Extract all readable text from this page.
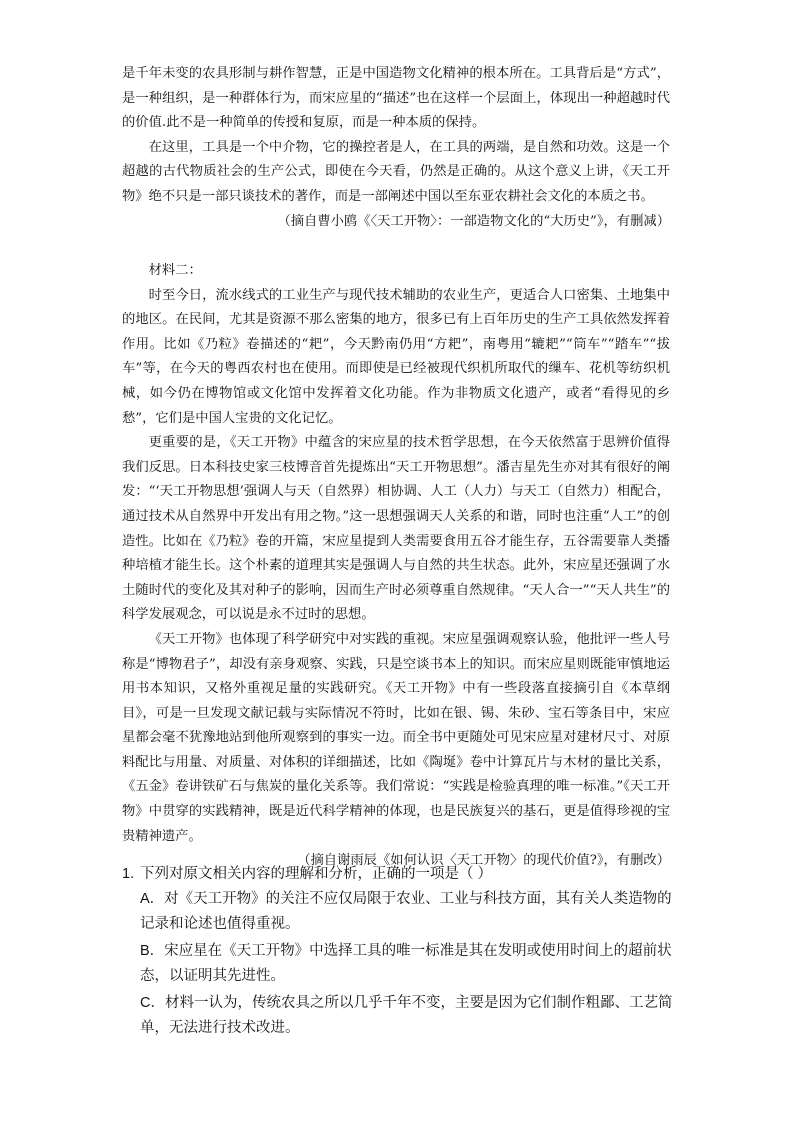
是千年未变的农具形制与耕作智慧，正是中国造物文化精神的根本所在。工具背后是“方式”，是一种组织，是一种群体行为，而宋应星的“描述”也在这样一个层面上，体现出一种超越时代的价值.此不是一种简单的传授和复原，而是一种本质的保持。

在这里，工具是一个中介物，它的操控者是人，在工具的两端，是自然和功效。这是一个超越的古代物质社会的生产公式，即使在今天看，仍然是正确的。从这个意义上讲，《天工开物》绝不只是一部只谈技术的著作，而是一部阐述中国以至东亚农耕社会文化的本质之书。

（摘自曹小鸥《〈天工开物〉：一部造物文化的“大历史”》，有删减）

材料二：

时至今日，流水线式的工业生产与现代技术辅助的农业生产，更适合人口密集、土地集中的地区。在民间，尤其是资源不那么密集的地方，很多已有上百年历史的生产工具依然发挥着作用。比如《乃粒》卷描述的“耙”，今天黔南仍用“方耙”，南粤用“辘耙”“筒车”“踏车”“拔车”等，在今天的粤西农村也在使用。而即使是已经被现代织机所取代的缫车、花机等纺织机械，如今仍在博物馆或文化馆中发挥着文化功能。作为非物质文化遗产，或者“看得见的乡愁”，它们是中国人宝贵的文化记忆。

更重要的是，《天工开物》中蕴含的宋应星的技术哲学思想，在今天依然富于思辨价值得我们反思。日本科技史家三枝博音首先提炼出“天工开物思想”。潘吉星先生亦对其有很好的阐发：“‘天工开物思想’强调人与天（自然界）相协调、人工（人力）与天工（自然力）相配合，通过技术从自然界中开发出有用之物。”这一思想强调天人关系的和谐，同时也注重“人工”的创造性。比如在《乃粒》卷的开篇，宋应星提到人类需要食用五谷才能生存，五谷需要靠人类播种培植才能生长。这个朴素的道理其实是强调人与自然的共生状态。此外，宋应星还强调了水土随时代的变化及其对种子的影响，因而生产时必须尊重自然规律。“天人合一”“天人共生”的科学发展观念，可以说是永不过时的思想。

《天工开物》也体现了科学研究中对实践的重视。宋应星强调观察认验，他批评一些人号称是“博物君子”，却没有亲身观察、实践，只是空谈书本上的知识。而宋应星则既能审慎地运用书本知识，又格外重视足量的实践研究。《天工开物》中有一些段落直接摘引自《本草纲目》，可是一旦发现文献记载与实际情况不符时，比如在银、锡、朱砂、宝石等条目中，宋应星都会毫不犹豫地站到他所观察到的事实一边。而全书中更随处可见宋应星对建材尺寸、对原料配比与用量、对质量、对体积的详细描述，比如《陶埏》卷中计算瓦片与木材的量比关系，《五金》卷讲铁矿石与焦炭的量化关系等。我们常说：“实践是检验真理的唯一标准。”《天工开物》中贯穿的实践精神，既是近代科学精神的体现，也是民族复兴的基石，更是值得珍视的宝贵精神遗产。

（摘自谢雨辰《如何认识〈天工开物〉的现代价值?》，有删改）

1. 下列对原文相关内容的理解和分析，正确的一项是（ ）

A．对《天工开物》的关注不应仅局限于农业、工业与科技方面，其有关人类造物的记录和论述也值得重视。

B．宋应星在《天工开物》中选择工具的唯一标准是其在发明或使用时间上的超前状态，以证明其先进性。

C．材料一认为，传统农具之所以几乎千年不变，主要是因为它们制作粗鄙、工艺简单，无法进行技术改进。
